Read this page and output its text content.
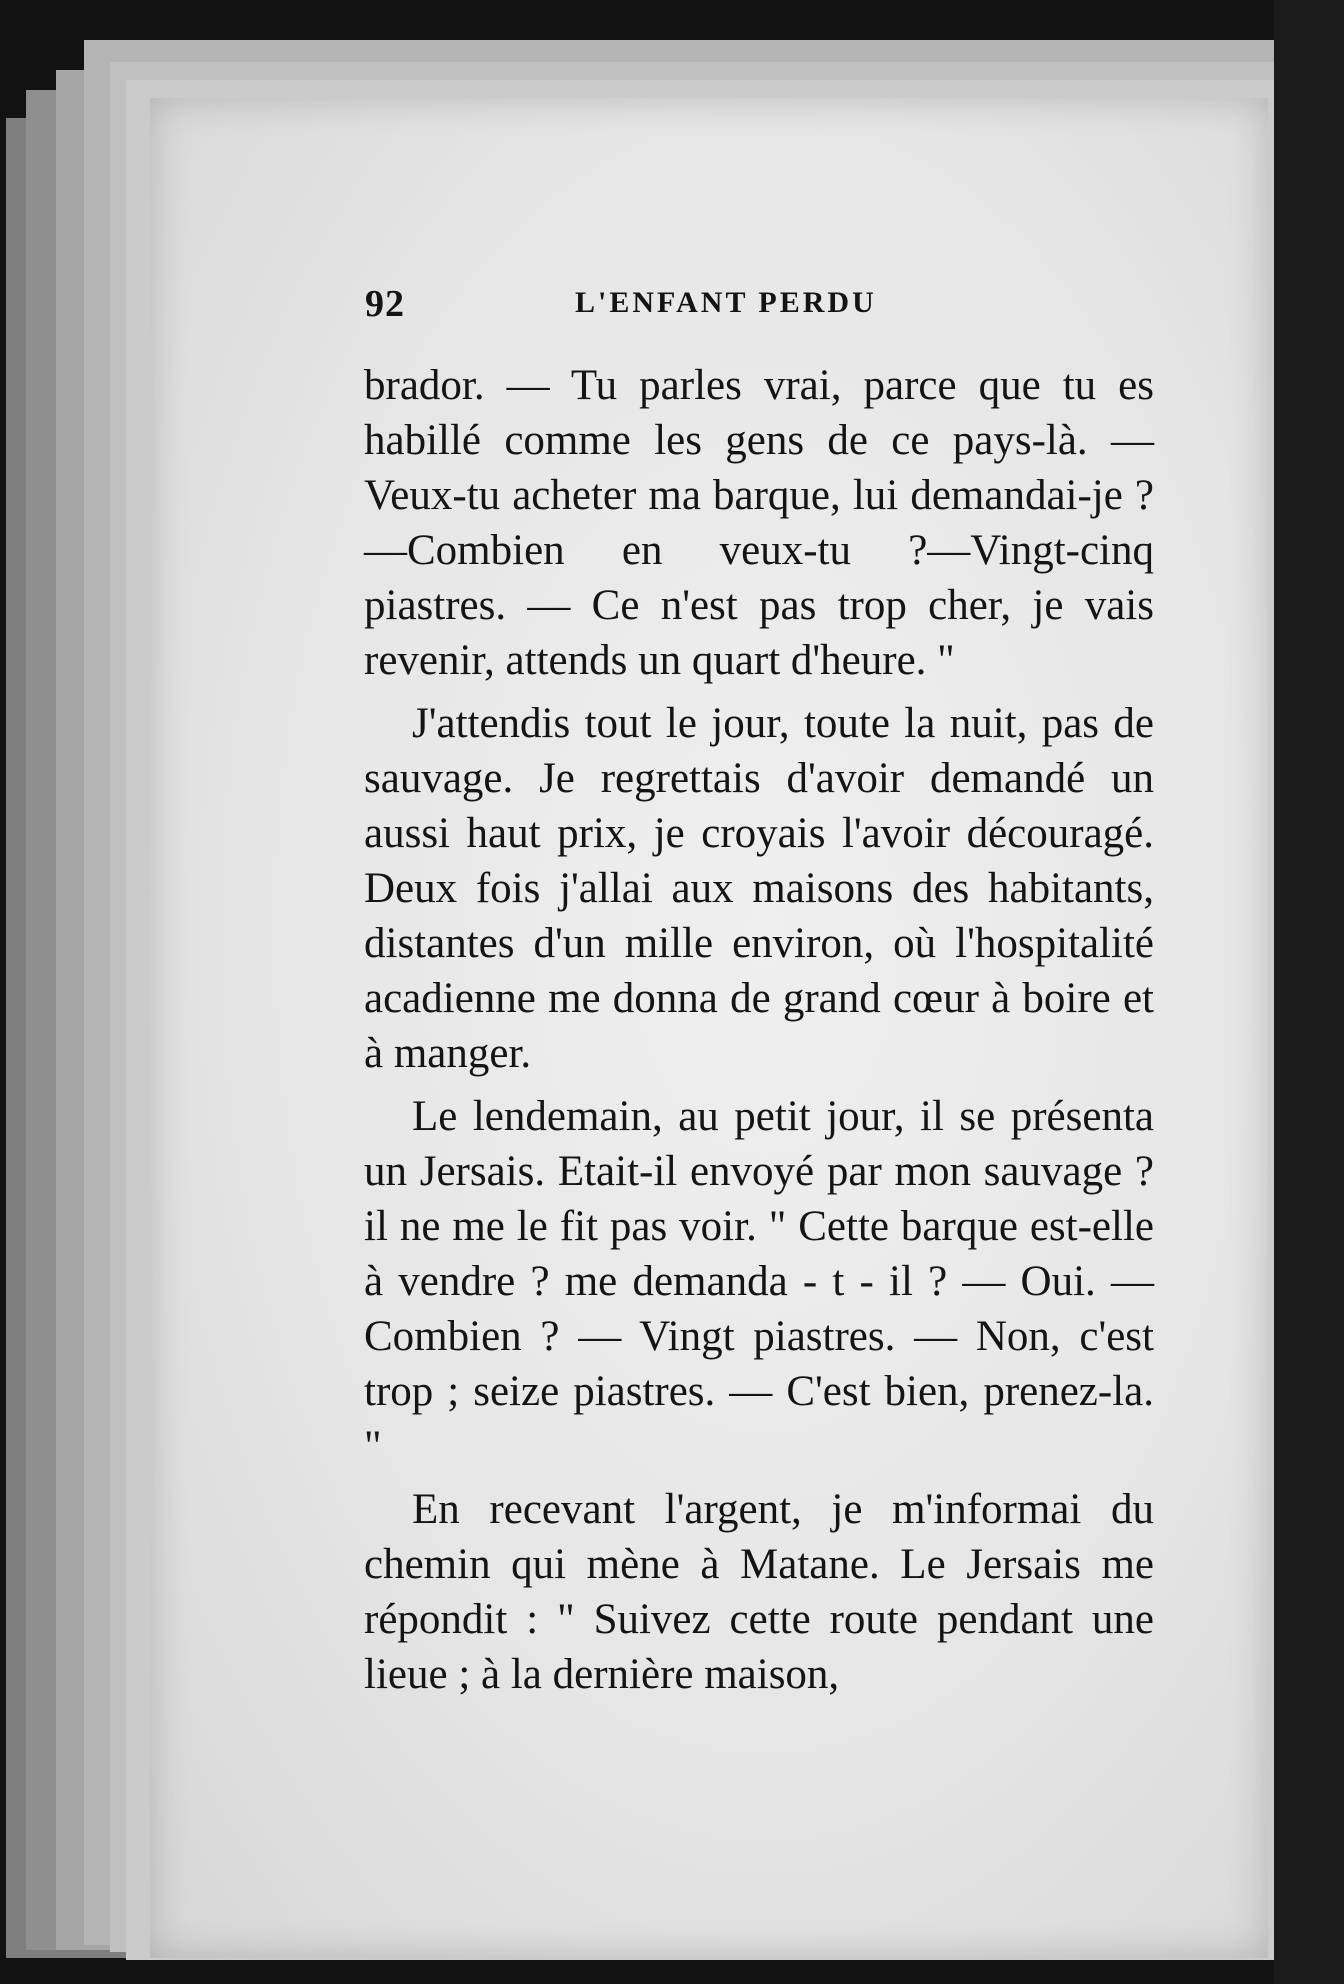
92	L'ENFANT PERDU

brador. — Tu parles vrai, parce que tu es habillé comme les gens de ce pays-là. — Veux-tu acheter ma barque, lui demandai-je ?—Combien en veux-tu ?—Vingt-cinq piastres. — Ce n'est pas trop cher, je vais revenir, attends un quart d'heure. "

J'attendis tout le jour, toute la nuit, pas de sauvage. Je regrettais d'avoir demandé un aussi haut prix, je croyais l'avoir découragé. Deux fois j'allai aux maisons des habitants, distantes d'un mille environ, où l'hospitalité acadienne me donna de grand cœur à boire et à manger.

Le lendemain, au petit jour, il se présenta un Jersais. Etait-il envoyé par mon sauvage ? il ne me le fit pas voir. " Cette barque est-elle à vendre ? me demanda - t - il ? — Oui. — Combien ? — Vingt piastres. — Non, c'est trop ; seize piastres. — C'est bien, prenez-la. "

En recevant l'argent, je m'informai du chemin qui mène à Matane. Le Jersais me répondit : " Suivez cette route pendant une lieue ; à la dernière maison,
